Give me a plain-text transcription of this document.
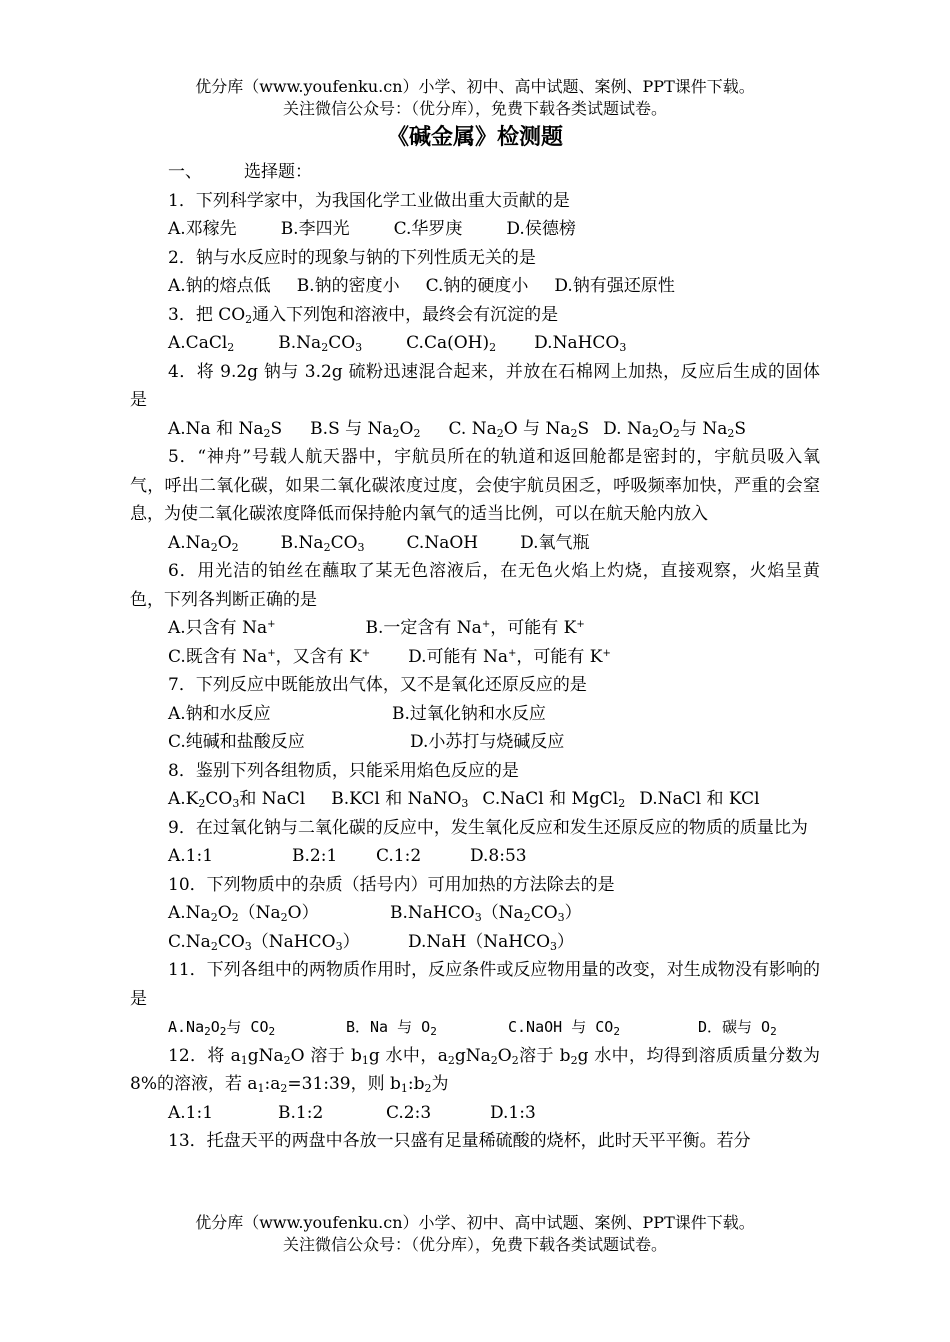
优分库（www.youfenku.cn）小学、初中、高中试题、案例、PPT课件下载。
关注微信公众号：（优分库），免费下载各类试题试卷。
《碱金属》检测题

一、 选择题：

1．下列科学家中，为我国化学工业做出重大贡献的是

A.邓稼先	B.李四光	C.华罗庚	D.侯德榜

2．钠与水反应时的现象与钠的下列性质无关的是

A.钠的熔点低 B.钠的密度小 C.钠的硬度小 D.钠有强还原性

3．把 $CO_2$通入下列饱和溶液中，最终会有沉淀的是

A.CaCl$_2$	$B.Na_2CO_3$	$C.Ca(OH)_2$ D.NaHCO$_3$

4．将 9.2g 钠与 3.2g 硫粉迅速混合起来，并放在石棉网上加热，反应后生成的固体是

A.Na 和 $Na_2S$ B.S 与 $Na_2O_2$ C. $Na_2O$ 与 $Na_2S$ D. $Na_2O_2$与 $Na_2S$

5．“神舟”号载人航天器中，宇航员所在的轨道和返回舱都是密封的，宇航员吸入氧气，呼出二氧化碳，如果二氧化碳浓度过度，会使宇航员困乏，呼吸频率加快，严重的会窒息，为使二氧化碳浓度降低而保持舱内氧气的适当比例，可以在航天舱内放入

$A.Na_2O_2$ $B.Na_2CO_3$ C.NaOH D.氧气瓶

6．用光洁的铂丝在蘸取了某无色溶液后，在无色火焰上灼烧，直接观察，火焰呈黄色，下列各判断正确的是

A.只含有 Na+	B.一定含有 Na+，可能有 K+

C.既含有 Na+，又含有 K+ D.可能有 Na+，可能有 K+

7．下列反应中既能放出气体，又不是氧化还原反应的是

A.钠和水反应	B.过氧化钠和水反应

C.纯碱和盐酸反应	D.小苏打与烧碱反应

8．鉴别下列各组物质，只能采用焰色反应的是

$A.K_2CO_3$和 NaCl B.KCl 和 NaNO$_3$ C.NaCl 和 MgCl$_2$ D.NaCl 和 KCl

9．在过氧化钠与二氧化碳的反应中，发生氧化反应和发生还原反应的物质的质量比为

A.1:1	B.2:1 C.1:2	D.8:53

10．下列物质中的杂质（括号内）可用加热的方法除去的是

$A.Na_2O_2(Na_2O)$	$B.NaHCO_3(Na_2CO_3)$

$C.Na_2CO_3(NaHCO_3)$	D.NaH（NaHCO$_3$）

11．下列各组中的两物质作用时，反应条件或反应物用量的改变，对生成物没有影响的是

$A.Na_2O_2$与 $CO_2$	B．Na 与 $O_2$	C.NaOH 与 $CO_2$	D．碳与 $O_2$

12．将 $a_1gNa_2O$ 溶于 $b_1g$ 水中，$a_2gNa_2O_2$溶于 $b_2g$ 水中，均得到溶质质量分数为 8%的溶液，若 $a_1:a_2=31:39$，则 $b_1:b_2$为

A.1:1	B.1:2	C.2:3	D.1:3

13．托盘天平的两盘中各放一只盛有足量稀硫酸的烧杯，此时天平平衡。若分

优分库（www.youfenku.cn）小学、初中、高中试题、案例、PPT课件下载。
关注微信公众号：（优分库），免费下载各类试题试卷。
